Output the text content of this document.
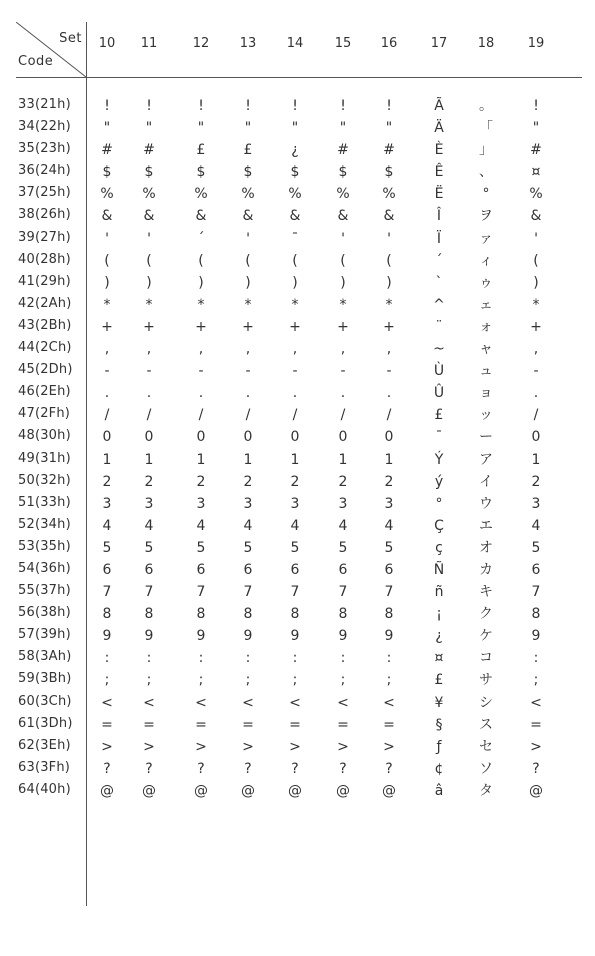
Set
Code
10	11	12	13	14	15	16	17	18	19
33(21h)	!	!	!	!	!	!	!	Ã	。	!
34(22h)	"	"	"	"	"	"	"	Ä	「	"
35(23h)	#	#	£	£	¿	#	#	È	」	#
36(24h)	$	$	$	$	$	$	$	Ê	、	¤
37(25h)	%	%	%	%	%	%	%	Ë	°	%
38(26h)	&	&	&	&	&	&	&	Î	ヲ	&
39(27h)	'	'	´	'	¯	'	'	Ï	ァ	'
40(28h)	(	(	(	(	(	(	(	´	ィ	(
41(29h)	)	)	)	)	)	)	)	`	ゥ	)
42(2Ah)	*	*	*	*	*	*	*	^	ェ	*
43(2Bh)	+	+	+	+	+	+	+	¨	ォ	+
44(2Ch)	,	,	,	,	,	,	,	~	ャ	,
45(2Dh)	-	-	-	-	-	-	-	Ù	ュ	-
46(2Eh)	.	.	.	.	.	.	.	Û	ョ	.
47(2Fh)	/	/	/	/	/	/	/	£	ッ	/
48(30h)	0	0	0	0	0	0	0	¯	ー	0
49(31h)	1	1	1	1	1	1	1	Ý	ア	1
50(32h)	2	2	2	2	2	2	2	ý	イ	2
51(33h)	3	3	3	3	3	3	3	°	ウ	3
52(34h)	4	4	4	4	4	4	4	Ç	エ	4
53(35h)	5	5	5	5	5	5	5	ç	オ	5
54(36h)	6	6	6	6	6	6	6	Ñ	カ	6
55(37h)	7	7	7	7	7	7	7	ñ	キ	7
56(38h)	8	8	8	8	8	8	8	¡	ク	8
57(39h)	9	9	9	9	9	9	9	¿	ケ	9
58(3Ah)	:	:	:	:	:	:	:	¤	コ	:
59(3Bh)	;	;	;	;	;	;	;	£	サ	;
60(3Ch)	<	<	<	<	<	<	<	¥	シ	<
61(3Dh)	=	=	=	=	=	=	=	§	ス	=
62(3Eh)	>	>	>	>	>	>	>	ƒ	セ	>
63(3Fh)	?	?	?	?	?	?	?	¢	ソ	?
64(40h)	@	@	@	@	@	@	@	â	タ	@
